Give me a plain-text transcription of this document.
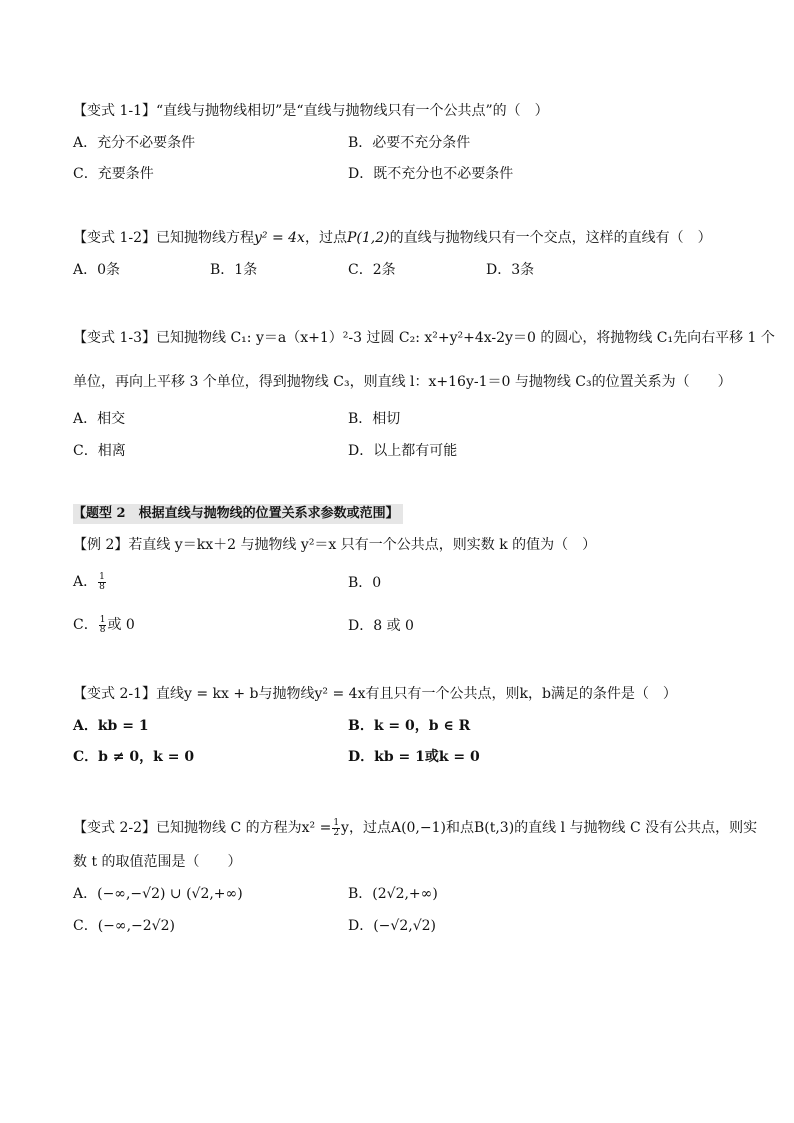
【变式 1-1】“直线与抛物线相切”是“直线与抛物线只有一个公共点”的（　）
A．充分不必要条件	B．必要不充分条件
C．充要条件	D．既不充分也不必要条件
【变式 1-2】已知抛物线方程y² = 4x，过点P(1,2)的直线与抛物线只有一个交点，这样的直线有（　）
A．0条	B．1条	C．2条	D．3条
【变式 1-3】已知抛物线 C₁: y＝a（x+1）²-3 过圆 C₂: x²+y²+4x-2y＝0 的圆心，将抛物线 C₁先向右平移 1 个
单位，再向上平移 3 个单位，得到抛物线 C₃，则直线 l：x+16y-1＝0 与抛物线 C₃的位置关系为（　　）
A．相交	B．相切
C．相离	D．以上都有可能
【题型 2　根据直线与抛物线的位置关系求参数或范围】
【例 2】若直线 y＝kx＋2 与抛物线 y²＝x 只有一个公共点，则实数 k 的值为（　）
A． $\frac{1}{8}$	B．0
C． $\frac{1}{8}$ 或 0	D．8 或 0
【变式 2-1】直线y = kx + b与抛物线y² = 4x有且只有一个公共点，则k，b满足的条件是（　）
A．kb = 1	B．k = 0，b ∈ R
C．b ≠ 0，k = 0	D．kb = 1或k = 0
【变式 2-2】已知抛物线 C 的方程为$x^2 = \frac{1}{2}$ y，过点A(0,−1)和点B(t,3)的直线 l 与抛物线 C 没有公共点，则实
数 t 的取值范围是（　　）
A．(−∞,−√2) ∪ (√2,+∞)	B．(2√2,+∞)
C．(−∞,−2√2)	D．(−√2,√2)
